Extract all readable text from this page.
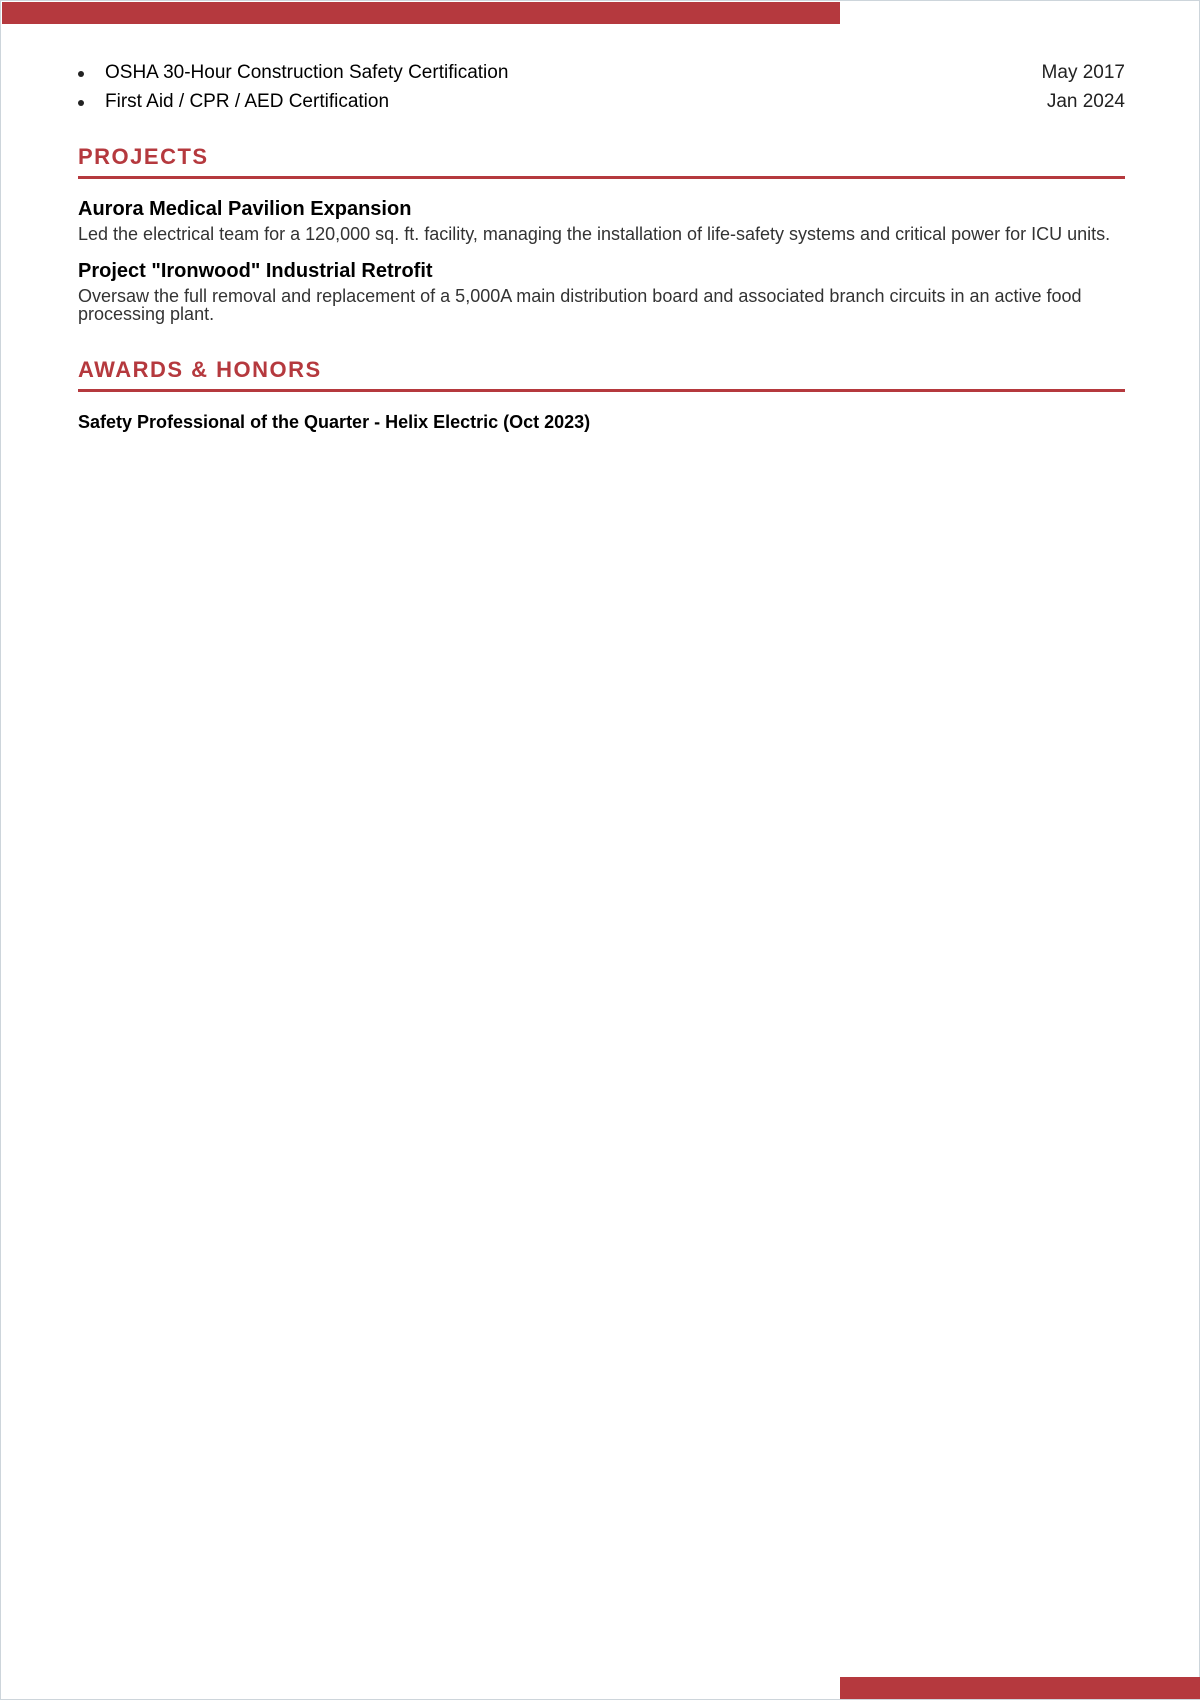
OSHA 30-Hour Construction Safety Certification	May 2017
First Aid / CPR / AED Certification	Jan 2024
PROJECTS
Aurora Medical Pavilion Expansion
Led the electrical team for a 120,000 sq. ft. facility, managing the installation of life-safety systems and critical power for ICU units.
Project "Ironwood" Industrial Retrofit
Oversaw the full removal and replacement of a 5,000A main distribution board and associated branch circuits in an active food processing plant.
AWARDS & HONORS
Safety Professional of the Quarter - Helix Electric (Oct 2023)
